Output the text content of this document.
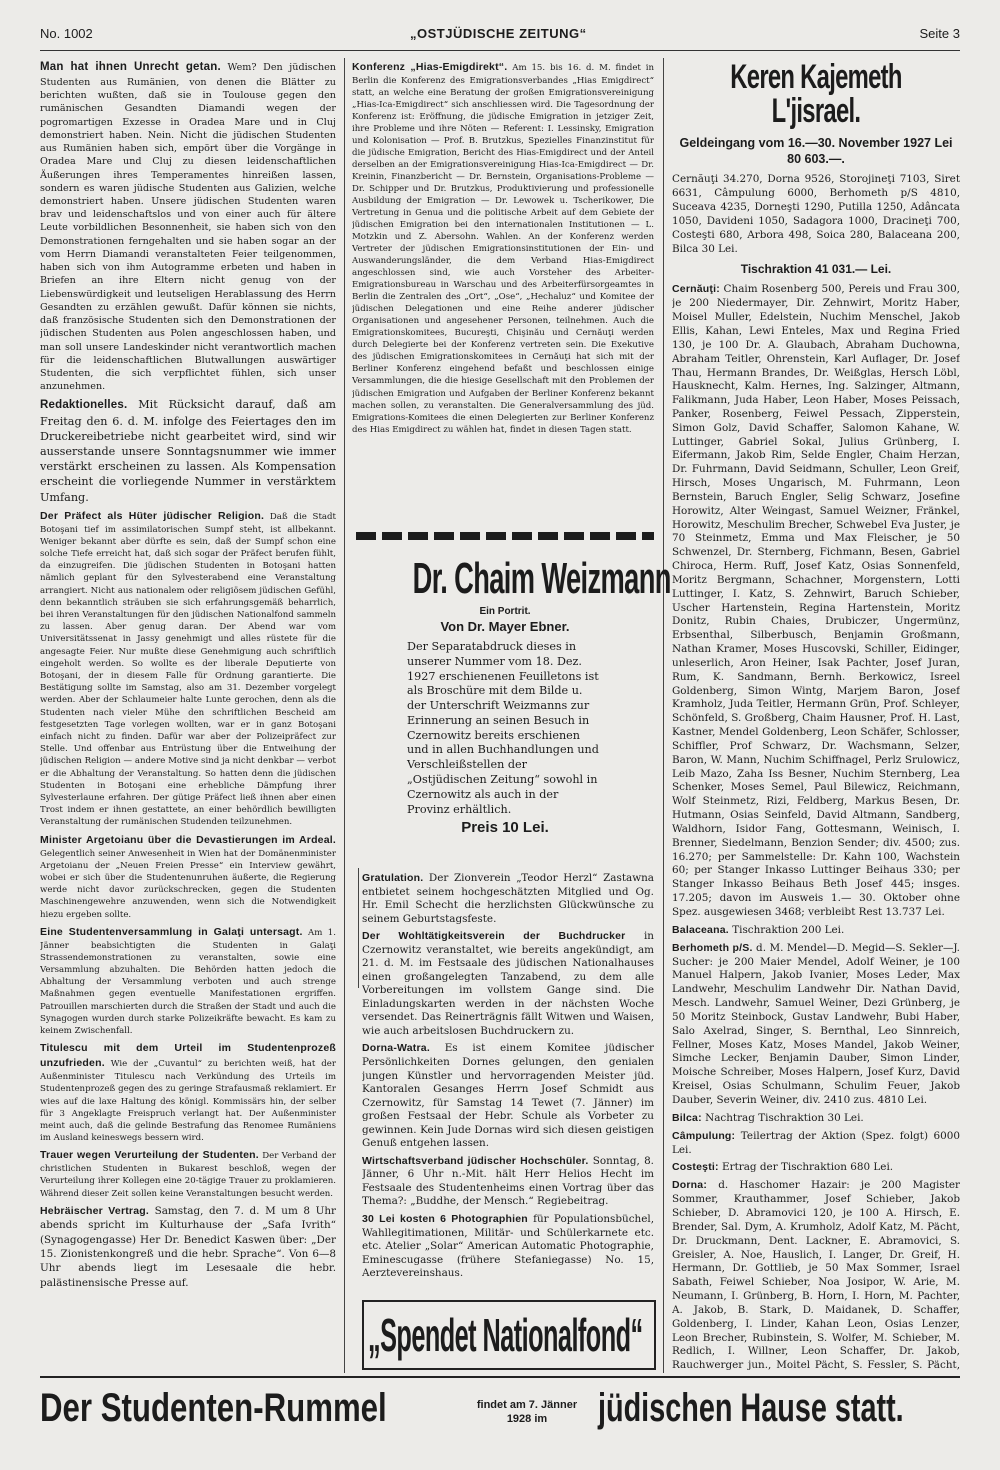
No. 1002	„OSTJÜDISCHE ZEITUNG“	Seite 3

Man hat ihnen Unrecht getan. Wem? Den jüdischen Studenten aus Rumänien, von denen die Blätter zu berichten wußten, daß sie in Toulouse gegen den rumänischen Gesandten Diamandi wegen der pogromartigen Exzesse in Oradea Mare und in Cluj demonstriert haben. Nein. Nicht die jüdischen Studenten aus Rumänien haben sich, empört über die Vorgänge in Oradea Mare und Cluj zu diesen leidenschaftlichen Äußerungen ihres Temperamentes hinreißen lassen, sondern es waren jüdische Studenten aus Galizien, welche demonstriert haben. Unsere jüdischen Studenten waren brav und leidenschaftslos und von einer auch für ältere Leute vorbildlichen Besonnenheit, sie haben sich von den Demonstrationen ferngehalten und sie haben sogar an der vom Herrn Diamandi veranstalteten Feier teilgenommen, haben sich von ihm Autogramme erbeten und haben in Briefen an ihre Eltern nicht genug von der Liebenswürdigkeit und leutseligen Herablassung des Herrn Gesandten zu erzählen gewußt. Dafür können sie nichts, daß französische Studenten sich den Demonstrationen der jüdischen Studenten aus Polen angeschlossen haben, und man soll unsere Landeskinder nicht verantwortlich machen für die leidenschaftlichen Blutwallungen auswärtiger Studenten, die sich verpflichtet fühlen, sich unser anzunehmen.

Redaktionelles. Mit Rücksicht darauf, daß am Freitag den 6. d. M. infolge des Feiertages den im Druckereibetriebe nicht gearbeitet wird, sind wir ausserstande unsere Sonntagsnummer wie immer verstärkt erscheinen zu lassen. Als Kompensation erscheint die vorliegende Nummer in verstärktem Umfang.

Der Präfect als Hüter jüdischer Religion. Daß die Stadt Botoşani tief im assimilatorischen Sumpf steht, ist allbekannt. Weniger bekannt aber dürfte es sein, daß der Sumpf schon eine solche Tiefe erreicht hat, daß sich sogar der Präfect berufen fühlt, da einzugreifen. Die jüdischen Studenten in Botoşani hatten nämlich geplant für den Sylvesterabend eine Veranstaltung arrangiert. Nicht aus nationalem oder religiösem jüdischen Gefühl, denn bekanntlich sträuben sie sich erfahrungsgemäß beharrlich, bei ihren Veranstaltungen für den jüdischen Nationalfond sammeln zu lassen. Aber genug daran. Der Abend war vom Universitätssenat in Jassy genehmigt und alles rüstete für die angesagte Feier. Nur mußte diese Genehmigung auch schriftlich eingeholt werden. So wollte es der liberale Deputierte von Botoşani, der in diesem Falle für Ordnung garantierte. Die Bestätigung sollte im Samstag, also am 31. Dezember vorgelegt werden. Aber der Schlaumeier halte Lunte gerochen, denn als die Studenten nach vieler Mühe den schriftlichen Bescheid am festgesetzten Tage vorlegen wollten, war er in ganz Botoşani einfach nicht zu finden. Dafür war aber der Polizeipräfect zur Stelle. Und offenbar aus Entrüstung über die Entweihung der jüdischen Religion — andere Motive sind ja nicht denkbar — verbot er die Abhaltung der Veranstaltung. So hatten denn die jüdischen Studenten in Botoşani eine erhebliche Dämpfung ihrer Sylvesterlaune erfahren. Der gütige Präfect ließ ihnen aber einen Trost indem er ihnen gestattete, an einer behördlich bewilligten Veranstaltung der rumänischen Studenden teilzunehmen.

Minister Argetoianu über die Devastierungen im Ardeal. Gelegentlich seiner Anwesenheit in Wien hat der Domänenminister Argetoianu der „Neuen Freien Presse“ ein Interview gewährt, wobei er sich über die Studentenunruhen äußerte, die Regierung werde nicht davor zurückschrecken, gegen die Studenten Maschinengewehre anzuwenden, wenn sich die Notwendigkeit hiezu ergeben sollte.

Eine Studentenversammlung in Galaţi untersagt. Am 1. Jänner beabsichtigten die Studenten in Galaţi Strassendemonstrationen zu veranstalten, sowie eine Versammlung abzuhalten. Die Behörden hatten jedoch die Abhaltung der Versammlung verboten und auch strenge Maßnahmen gegen eventuelle Manifestationen ergriffen. Patrouillen marschierten durch die Straßen der Stadt und auch die Synagogen wurden durch starke Polizeikräfte bewacht. Es kam zu keinem Zwischenfall.

Titulescu mit dem Urteil im Studentenprozeß unzufrieden. Wie der „Cuvantul“ zu berichten weiß, hat der Außenminister Titulescu nach Verkündung des Urteils im Studentenprozeß gegen des zu geringe Strafausmaß reklamiert. Er wies auf die laxe Haltung des königl. Kommissärs hin, der selber für 3 Angeklagte Freispruch verlangt hat. Der Außenminister meint auch, daß die gelinde Bestrafung das Renomee Rumäniens im Ausland keineswegs bessern wird.

Trauer wegen Verurteilung der Studenten. Der Verband der christlichen Studenten in Bukarest beschloß, wegen der Verurteilung ihrer Kollegen eine 20-tägige Trauer zu proklamieren. Während dieser Zeit sollen keine Veranstaltungen besucht werden.

Hebräischer Vertrag. Samstag, den 7. d. M um 8 Uhr abends spricht im Kulturhause der „Safa Ivrith“ (Synagogengasse) Her Dr. Benedict Kaswen über: „Der 15. Zionistenkongreß und die hebr. Sprache“. Von 6—8 Uhr abends liegt im Lesesaale die hebr. palästinensische Presse auf.

Konferenz „Hias-Emigdirekt“. Am 15. bis 16. d. M. findet in Berlin die Konferenz des Emigrationsverbandes „Hias Emigdirect“ statt, an welche eine Beratung der großen Emigrationsvereinigung „Hias-Ica-Emigdirect“ sich anschliessen wird. Die Tagesordnung der Konferenz ist: Eröffnung, die jüdische Emigration in jetziger Zeit, ihre Probleme und ihre Nöten — Referent: I. Lessinsky, Emigration und Kolonisation — Prof. B. Brutzkus, Spezielles Finanzinstitut für die jüdische Emigration, Bericht des Hias-Emigdirect und der Anteil derselben an der Emigrationsvereinigung Hias-Ica-Emigdirect — Dr. Kreinin, Finanzbericht — Dr. Bernstein, Organisations-Probleme — Dr. Schipper und Dr. Brutzkus, Produktivierung und professionelle Ausbildung der Emigration — Dr. Lewowek u. Tscherikower, Die Vertretung in Genua und die politische Arbeit auf dem Gebiete der jüdischen Emigration bei den internationalen Institutionen — L. Motzkin und Z. Abersohn. Wahlen. An der Konferenz werden Vertreter der jüdischen Emigrationsinstitutionen der Ein- und Auswanderungsländer, die dem Verband Hias-Emigdirect angeschlossen sind, wie auch Vorsteher des Arbeiter-Emigrationsbureau in Warschau und des Arbeiterfürsorgeamtes in Berlin die Zentralen des „Ort“, „Ose“, „Hechaluz“ und Komitee der jüdischen Delegationen und eine Reihe anderer jüdischer Organisationen und angesehener Personen, teilnehmen. Auch die Emigrationskomitees, Bucureşti, Chişinău und Cernăuţi werden durch Delegierte bei der Konferenz vertreten sein. Die Exekutive des jüdischen Emigrationskomitees in Cernăuţi hat sich mit der Berliner Konferenz eingehend befaßt und beschlossen einige Versammlungen, die die hiesige Gesellschaft mit den Problemen der jüdischen Emigration und Aufgaben der Berliner Konferenz bekannt machen sollen, zu veranstalten. Die Generalversammlung des jüd. Emigrations-Komitees die einen Delegierten zur Berliner Konferenz des Hias Emigdirect zu wählen hat, findet in diesen Tagen statt.

Dr. Chaim Weizmann
Ein Portrit.
Von Dr. Mayer Ebner.
Der Separatabdruck dieses in unserer Nummer vom 18. Dez. 1927 erschienenen Feuilletons ist als Broschüre mit dem Bilde u. der Unterschrift Weizmanns zur Erinnerung an seinen Besuch in Czernowitz bereits erschienen und in allen Buchhandlungen und Verschleißstellen der „Ostjüdischen Zeitung“ sowohl in Czernowitz als auch in der Provinz erhältlich.
Preis 10 Lei.

Gratulation. Der Zionverein „Teodor Herzl“ Zastawna entbietet seinem hochgeschätzten Mitglied und Og. Hr. Emil Schecht die herzlichsten Glückwünsche zu seinem Geburtstagsfeste.

Der Wohltätigkeitsverein der Buchdrucker in Czernowitz veranstaltet, wie bereits angekündigt, am 21. d. M. im Festsaale des jüdischen Nationalhauses einen großangelegten Tanzabend, zu dem alle Vorbereitungen im vollstem Gange sind. Die Einladungskarten werden in der nächsten Woche versendet. Das Reinerträgnis fällt Witwen und Waisen, wie auch arbeitslosen Buchdruckern zu.

Dorna-Watra. Es ist einem Komitee jüdischer Persönlichkeiten Dornes gelungen, den genialen jungen Künstler und hervorragenden Meister jüd. Kantoralen Gesanges Herrn Josef Schmidt aus Czernowitz, für Samstag 14 Tewet (7. Jänner) im großen Festsaal der Hebr. Schule als Vorbeter zu gewinnen. Kein Jude Dornas wird sich diesen geistigen Genuß entgehen lassen.

Wirtschaftsverband jüdischer Hochschüler. Sonntag, 8. Jänner, 6 Uhr n.-Mit. hält Herr Helios Hecht im Festsaale des Studentenheims einen Vortrag über das Thema?: „Buddhe, der Mensch.“ Regiebeitrag.

30 Lei kosten 6 Photographien für Populationsbüchel, Wahllegitimationen, Militär- und Schülerkarnete etc. etc. Atelier „Solar“ American Automatic Photographie, Eminescugasse (frühere Stefaniegasse) No. 15, Aerztevereinshaus.

„Spendet Nationalfond“
Keren Kajemeth L'jisrael.
Geldeingang vom 16.—30. November 1927 Lei 80 603.—.

Cernăuţi 34.270, Dorna 9526, Storojineţi 7103, Siret 6631, Câmpulung 6000, Berhometh p/S 4810, Suceava 4235, Dorneşti 1290, Putilla 1250, Adâncata 1050, Davideni 1050, Sadagora 1000, Dracineţi 700, Costeşti 680, Arbora 498, Soica 280, Balaceana 200, Bilca 30 Lei.

Tischraktion 41 031.— Lei.

Cernăuţi: Chaim Rosenberg 500, Pereis und Frau 300, je 200 Niedermayer, Dir. Zehnwirt, Moritz Haber, Moisel Muller, Edelstein, Nuchim Menschel, Jakob Ellis, Kahan, Lewi Enteles, Max und Regina Fried 130, je 100 Dr. A. Glaubach, Abraham Duchowna, Abraham Teitler, Ohrenstein, Karl Auflager, Dr. Josef Thau, Hermann Brandes, Dr. Weißglas, Hersch Löbl, Hausknecht, Kalm. Hernes, Ing. Salzinger, Altmann, Falikmann, Juda Haber, Leon Haber, Moses Peissach, Panker, Rosenberg, Feiwel Pessach, Zipperstein, Simon Golz, David Schaffer, Salomon Kahane, W. Luttinger, Gabriel Sokal, Julius Grünberg, I. Eifermann, Jakob Rim, Selde Engler, Chaim Herzan, Dr. Fuhrmann, David Seidmann, Schuller, Leon Greif, Hirsch, Moses Ungarisch, M. Fuhrmann, Leon Bernstein, Baruch Engler, Selig Schwarz, Josefine Horowitz, Alter Weingast, Samuel Weizner, Fränkel, Horowitz, Meschulim Brecher, Schwebel Eva Juster, je 70 Steinmetz, Emma und Max Fleischer, je 50 Schwenzel, Dr. Sternberg, Fichmann, Besen, Gabriel Chiroca, Herm. Ruff, Josef Katz, Osias Sonnenfeld, Moritz Bergmann, Schachner, Morgenstern, Lotti Luttinger, I. Katz, S. Zehnwirt, Baruch Schieber, Uscher Hartenstein, Regina Hartenstein, Moritz Donitz, Rubin Chaies, Drubiczer, Ungermünz, Erbsenthal, Silberbusch, Benjamin Großmann, Nathan Kramer, Moses Huscovski, Schiller, Eidinger, unleserlich, Aron Heiner, Isak Pachter, Josef Juran, Rum, K. Sandmann, Bernh. Berkowicz, Isreel Goldenberg, Simon Wintg, Marjem Baron, Josef Kramholz, Juda Teitler, Hermann Grün, Prof. Schleyer, Schönfeld, S. Großberg, Chaim Hausner, Prof. H. Last, Kastner, Mendel Goldenberg, Leon Schäfer, Schlosser, Schiffler, Prof Schwarz, Dr. Wachsmann, Selzer, Baron, W. Mann, Nuchim Schiffnagel, Perlz Srulowicz, Leib Mazo, Zaha Iss Besner, Nuchim Sternberg, Lea Schenker, Moses Semel, Paul Bilewicz, Reichmann, Wolf Steinmetz, Rizi, Feldberg, Markus Besen, Dr. Hutmann, Osias Seinfeld, David Altmann, Sandberg, Waldhorn, Isidor Fang, Gottesmann, Weinisch, I. Brenner, Siedelmann, Benzion Sender; div. 4500; zus. 16.270; per Sammelstelle: Dr. Kahn 100, Wachstein 60; per Stanger Inkasso Luttinger Beihaus 330; per Stanger Inkasso Beihaus Beth Josef 445; insges. 17.205; davon im Ausweis 1.— 30. Oktober ohne Spez. ausgewiesen 3468; verbleibt Rest 13.737 Lei.

Balaceana. Tischraktion 200 Lei.

Berhometh p/S. d. M. Mendel—D. Megid—S. Sekler—J. Sucher: je 200 Maier Mendel, Adolf Weiner, je 100 Manuel Halpern, Jakob Ivanier, Moses Leder, Max Landwehr, Meschulim Landwehr Dir. Nathan David, Mesch. Landwehr, Samuel Weiner, Dezi Grünberg, je 50 Moritz Steinbock, Gustav Landwehr, Bubi Haber, Salo Axelrad, Singer, S. Bernthal, Leo Sinnreich, Fellner, Moses Katz, Moses Mandel, Jakob Weiner, Simche Lecker, Benjamin Dauber, Simon Linder, Moische Schreiber, Moses Halpern, Josef Kurz, David Kreisel, Osias Schulmann, Schulim Feuer, Jakob Dauber, Severin Weiner, div. 2410 zus. 4810 Lei.

Bilca: Nachtrag Tischraktion 30 Lei.

Câmpulung: Teilertrag der Aktion (Spez. folgt) 6000 Lei.

Costeşti: Ertrag der Tischraktion 680 Lei.

Dorna: d. Haschomer Hazair: je 200 Magister Sommer, Krauthammer, Josef Schieber, Jakob Schieber, D. Abramovici 120, je 100 A. Hirsch, E. Brender, Sal. Dym, A. Krumholz, Adolf Katz, M. Pächt, Dr. Druckmann, Dent. Lackner, E. Abramovici, S. Greisler, A. Noe, Hauslich, I. Langer, Dr. Greif, H. Hermann, Dr. Gottlieb, je 50 Max Sommer, Israel Sabath, Feiwel Schieber, Noa Josipor, W. Arie, M. Neumann, I. Grünberg, B. Horn, I. Horn, M. Pachter, A. Jakob, B. Stark, D. Maidanek, D. Schaffer, Goldenberg, I. Linder, Kahan Leon, Osias Lenzer, Leon Brecher, Rubinstein, S. Wolfer, M. Schieber, M. Redlich, I. Willner, Leon Schaffer, Dr. Jakob, Rauchwerger jun., Moitel Pächt, S. Fessler, S. Pächt,

Der Studenten-Rummel	findet am 7. Jänner
1928 im	jüdischen Hause statt.
